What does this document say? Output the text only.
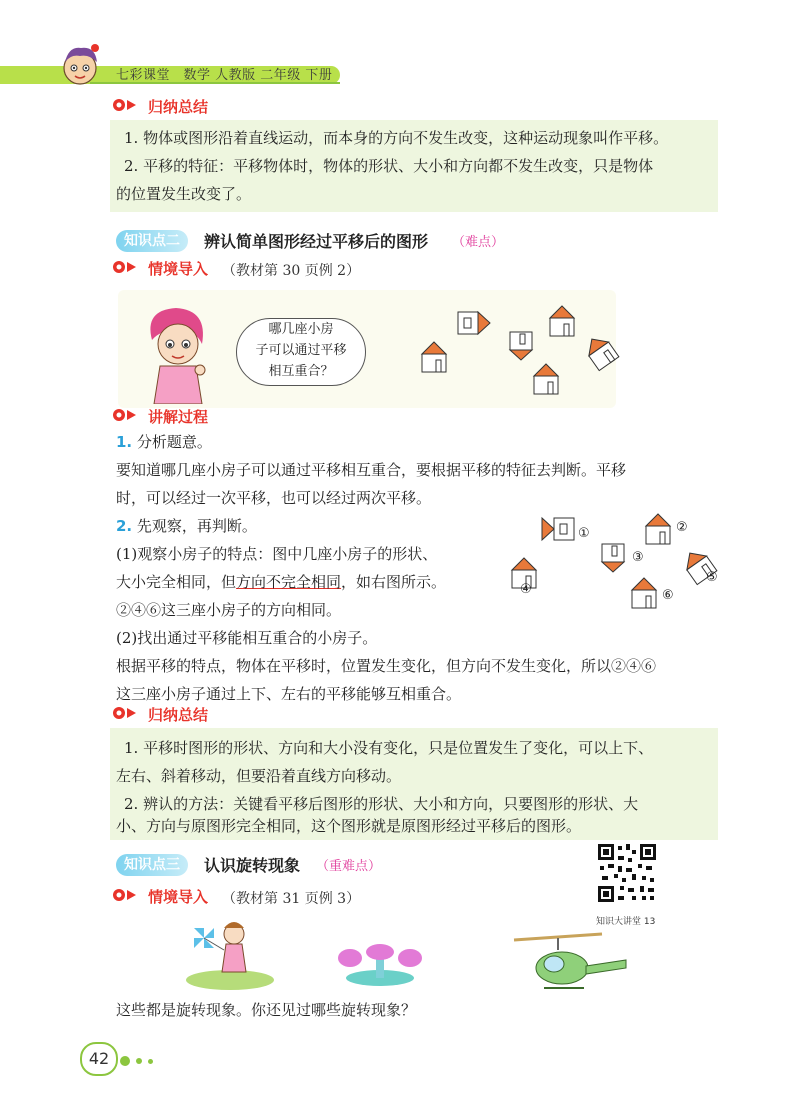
七彩课堂　数学 人教版 二年级 下册
归纳总结
1. 物体或图形沿着直线运动，而本身的方向不发生改变，这种运动现象叫作平移。
2. 平移的特征：平移物体时，物体的形状、大小和方向都不发生改变，只是物体
的位置发生改变了。
知识点二	辨认简单图形经过平移后的图形 （难点）
情境导入 （教材第 30 页例 2）
哪几座小房
子可以通过平移
相互重合？
讲解过程
1. 分析题意。
要知道哪几座小房子可以通过平移相互重合，要根据平移的特征去判断。平移
时，可以经过一次平移，也可以经过两次平移。
2. 先观察，再判断。
(1)观察小房子的特点：图中几座小房子的形状、
大小完全相同，但方向不完全相同，如右图所示。
②④⑥这三座小房子的方向相同。
(2)找出通过平移能相互重合的小房子。
根据平移的特点，物体在平移时，位置发生变化，但方向不发生变化，所以②④⑥
这三座小房子通过上下、左右的平移能够互相重合。
①	②
③
④
⑤
⑥
归纳总结
1. 平移时图形的形状、方向和大小没有变化，只是位置发生了变化，可以上下、
左右、斜着移动，但要沿着直线方向移动。
2. 辨认的方法：关键看平移后图形的形状、大小和方向，只要图形的形状、大
小、方向与原图形完全相同，这个图形就是原图形经过平移后的图形。
知识点三	认识旋转现象 （重难点）
情境导入 （教材第 31 页例 3）
知识大讲堂 13
这些都是旋转现象。你还见过哪些旋转现象？
42
